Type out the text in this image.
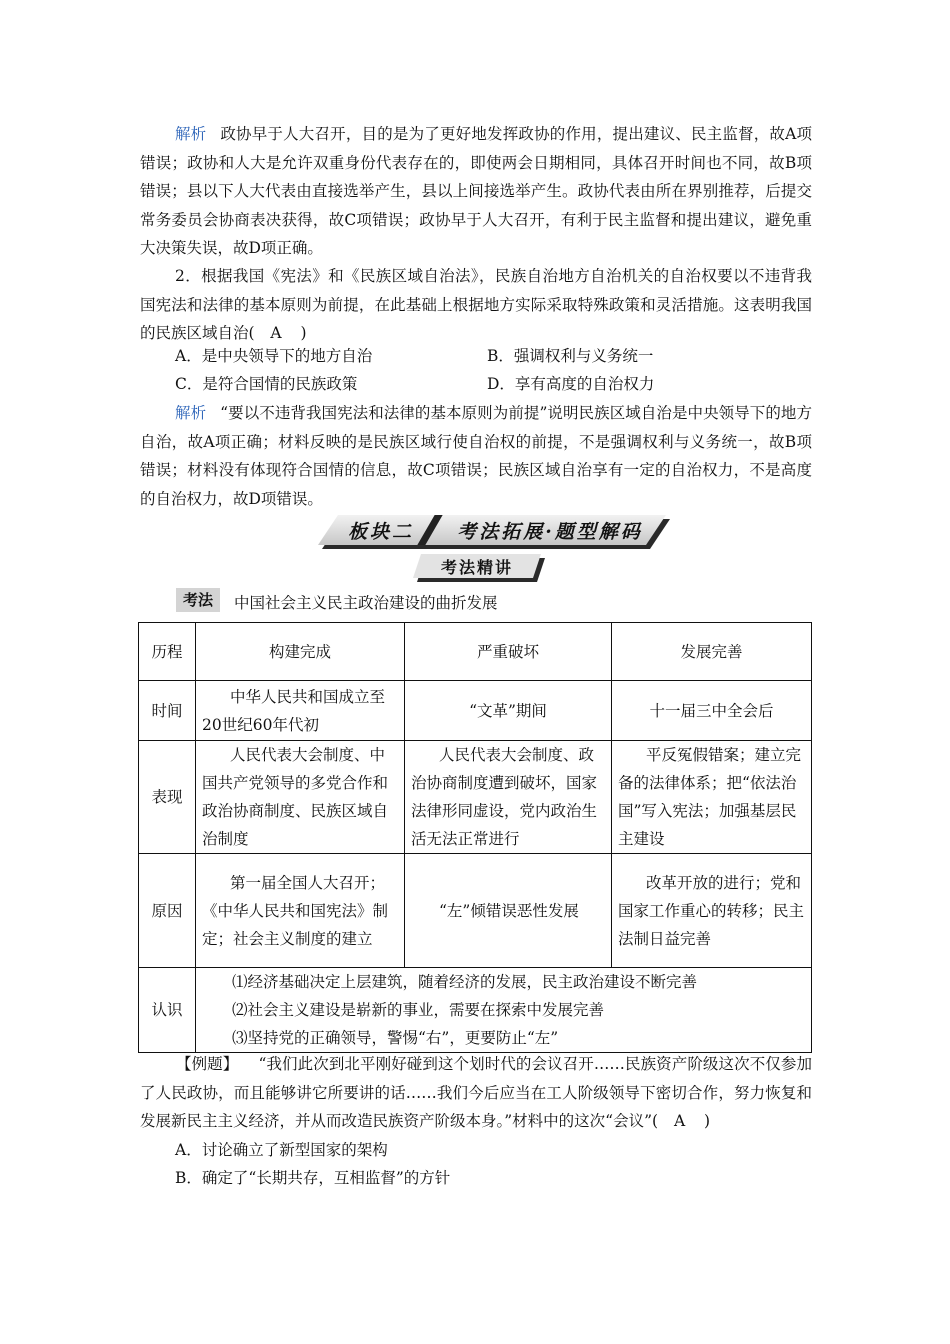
解析 政协早于人大召开，目的是为了更好地发挥政协的作用，提出建议、民主监督，故A项错误；政协和人大是允许双重身份代表存在的，即使两会日期相同，具体召开时间也不同，故B项错误；县以下人大代表由直接选举产生，县以上间接选举产生。政协代表由所在界别推荐，后提交常务委员会协商表决获得，故C项错误；政协早于人大召开，有利于民主监督和提出建议，避免重大决策失误，故D项正确。
2．根据我国《宪法》和《民族区域自治法》，民族自治地方自治机关的自治权要以不违背我国宪法和法律的基本原则为前提，在此基础上根据地方实际采取特殊政策和灵活措施。这表明我国的民族区域自治( A )
A．是中央领导下的地方自治	B．强调权利与义务统一
C．是符合国情的民族政策	D．享有高度的自治权力
解析 “要以不违背我国宪法和法律的基本原则为前提”说明民族区域自治是中央领导下的地方自治，故A项正确；材料反映的是民族区域行使自治权的前提，不是强调权利与义务统一，故B项错误；材料没有体现符合国情的信息，故C项错误；民族区域自治享有一定的自治权力，不是高度的自治权力，故D项错误。
板块二	考法拓展·题型解码
考法精讲
考法	中国社会主义民主政治建设的曲折发展
历程	构建完成	严重破坏	发展完善
时间	中华人民共和国成立至20世纪60年代初	“文革”期间	十一届三中全会后
表现	人民代表大会制度、中国共产党领导的多党合作和政治协商制度、民族区域自治制度	人民代表大会制度、政治协商制度遭到破坏，国家法律形同虚设，党内政治生活无法正常进行	平反冤假错案；建立完备的法律体系；把“依法治国”写入宪法；加强基层民主建设
原因	第一届全国人大召开；《中华人民共和国宪法》制定；社会主义制度的建立	“左”倾错误恶性发展	改革开放的进行；党和国家工作重心的转移；民主法制日益完善
认识	⑴经济基础决定上层建筑，随着经济的发展，民主政治建设不断完善
⑵社会主义建设是崭新的事业，需要在探索中发展完善
⑶坚持党的正确领导，警惕“右”，更要防止“左”		
【例题】 “我们此次到北平刚好碰到这个划时代的会议召开……民族资产阶级这次不仅参加了人民政协，而且能够讲它所要讲的话……我们今后应当在工人阶级领导下密切合作，努力恢复和发展新民主主义经济，并从而改造民族资产阶级本身。”材料中的这次“会议”( A )
A．讨论确立了新型国家的架构
B．确定了“长期共存，互相监督”的方针
